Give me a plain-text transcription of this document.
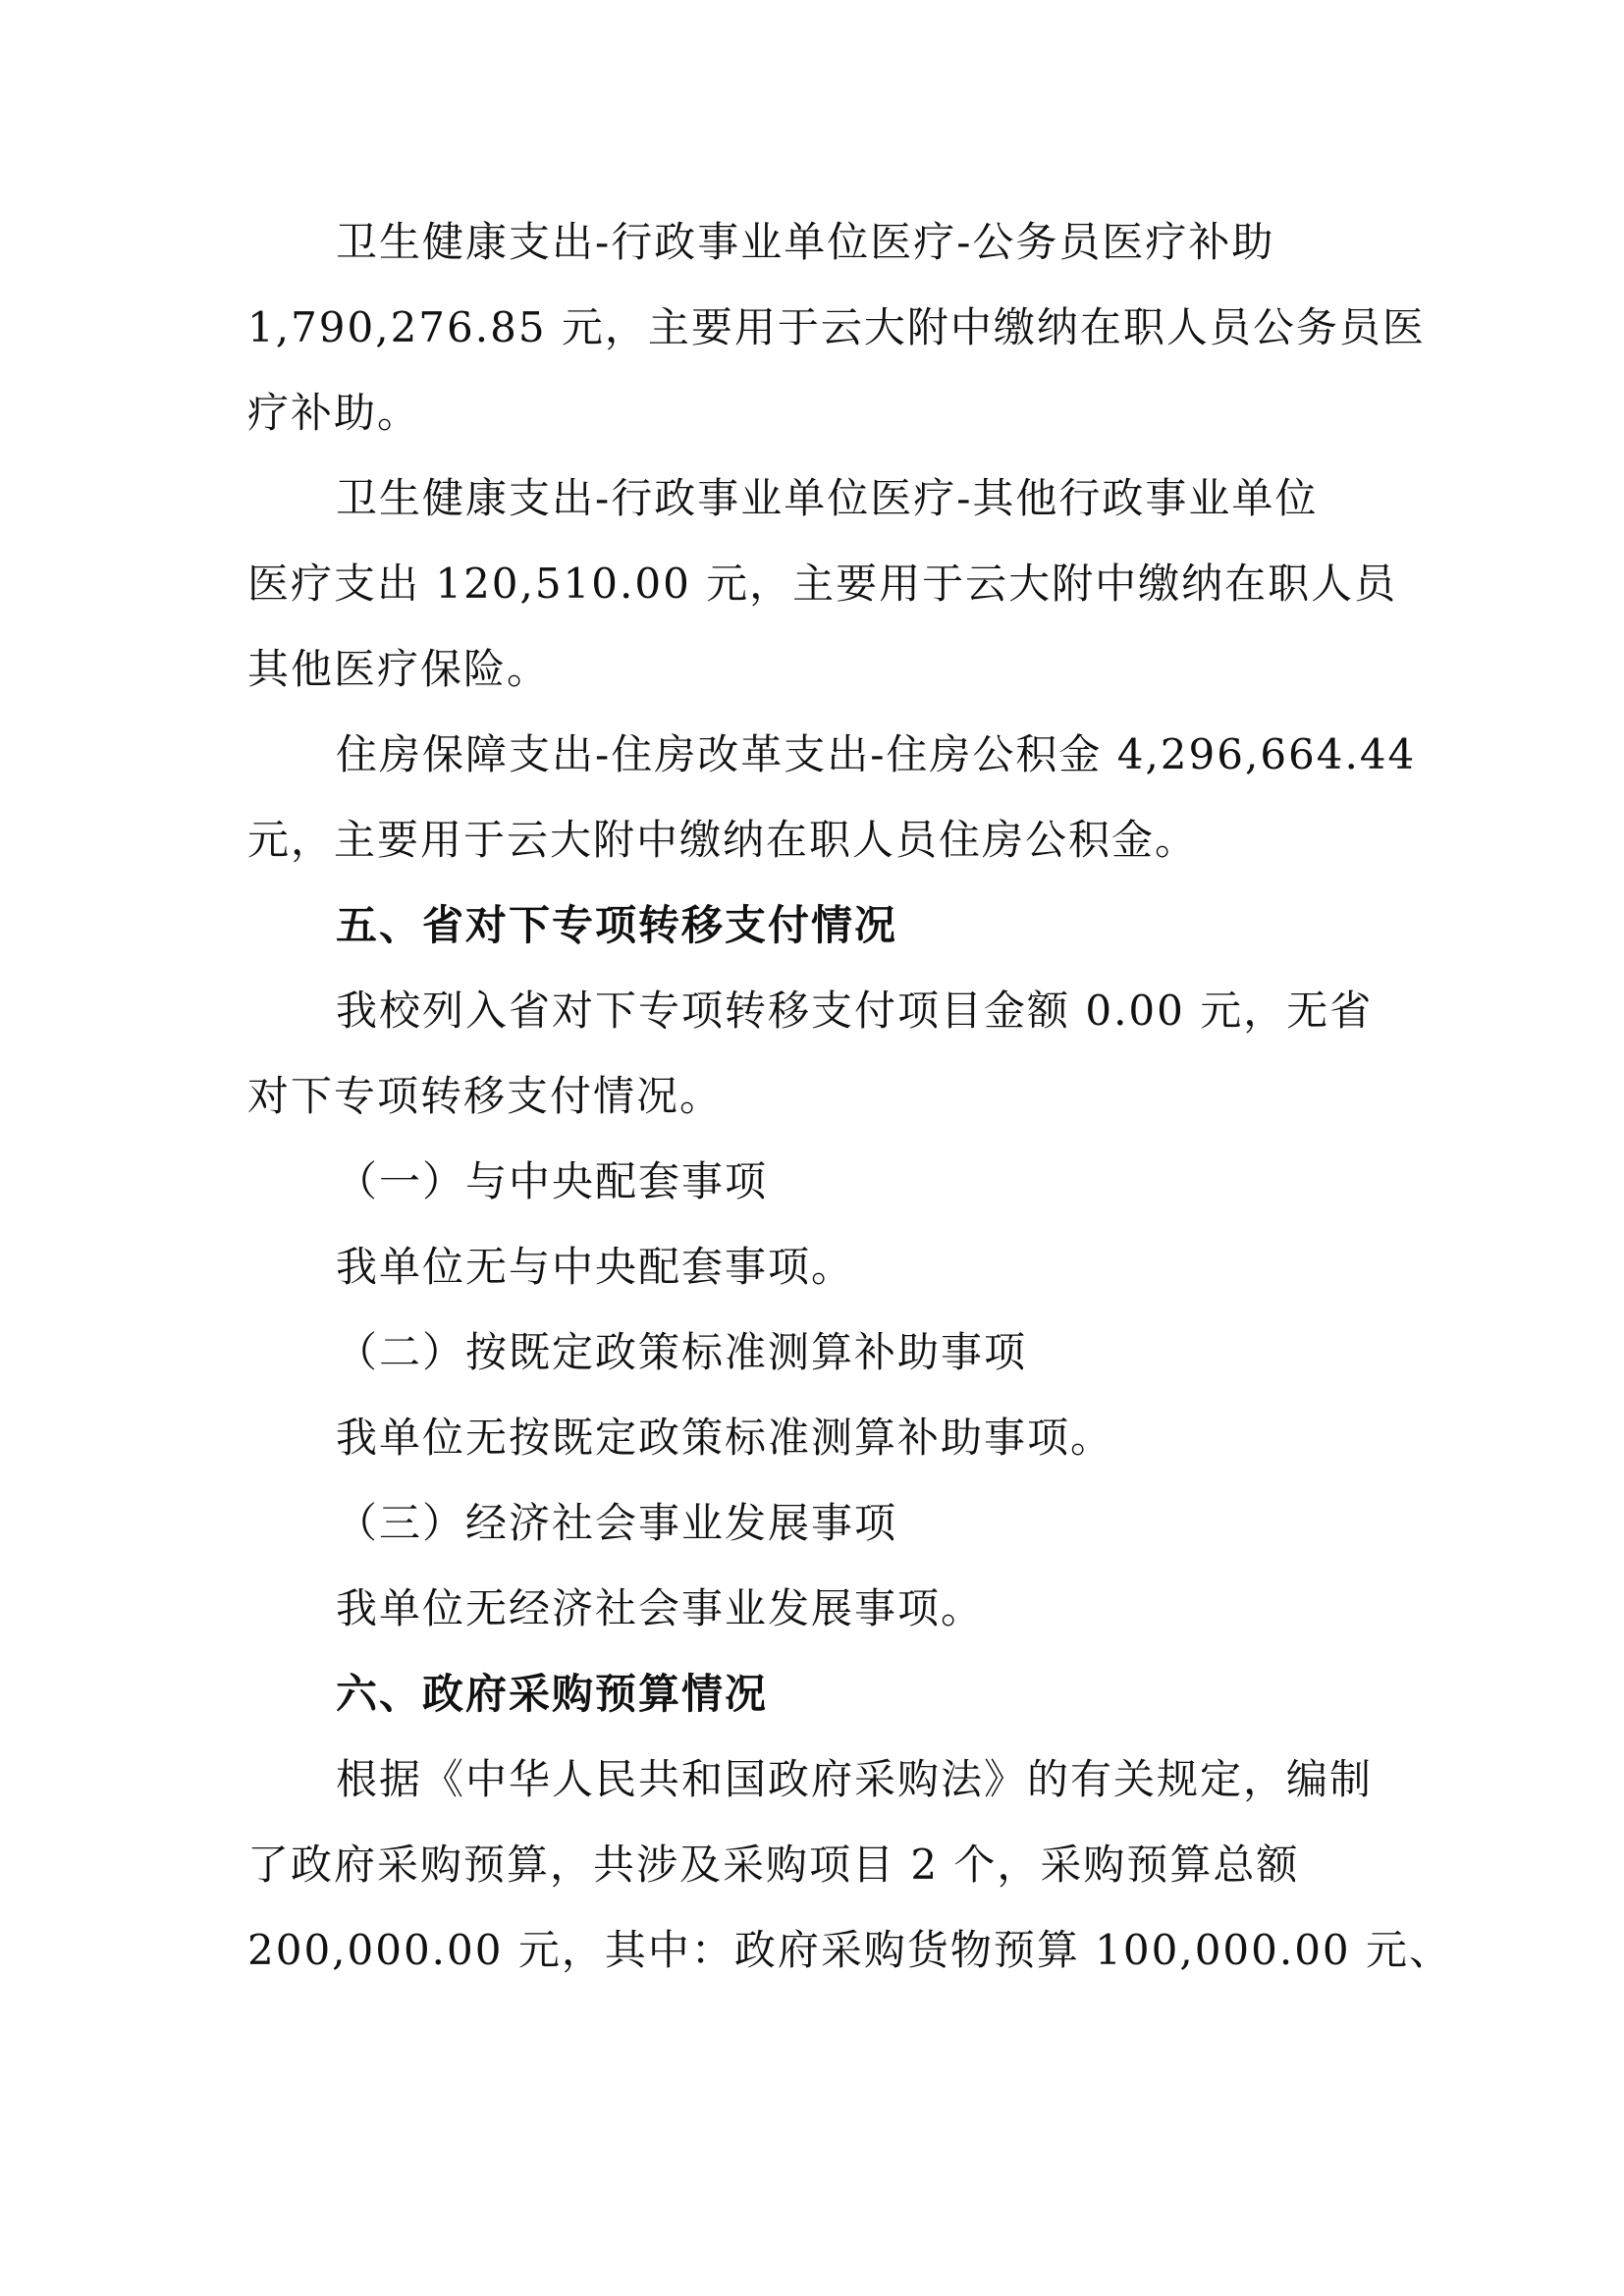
卫生健康支出-行政事业单位医疗-公务员医疗补助

1,790,276.85 元，主要用于云大附中缴纳在职人员公务员医

疗补助。

卫生健康支出-行政事业单位医疗-其他行政事业单位

医疗支出 120,510.00 元，主要用于云大附中缴纳在职人员

其他医疗保险。

住房保障支出-住房改革支出-住房公积金 4,296,664.44

元，主要用于云大附中缴纳在职人员住房公积金。

五、省对下专项转移支付情况

我校列入省对下专项转移支付项目金额 0.00 元，无省

对下专项转移支付情况。

（一）与中央配套事项

我单位无与中央配套事项。

（二）按既定政策标准测算补助事项

我单位无按既定政策标准测算补助事项。

（三）经济社会事业发展事项

我单位无经济社会事业发展事项。

六、政府采购预算情况

根据《中华人民共和国政府采购法》的有关规定，编制

了政府采购预算，共涉及采购项目 2 个，采购预算总额

200,000.00 元，其中：政府采购货物预算 100,000.00 元、
